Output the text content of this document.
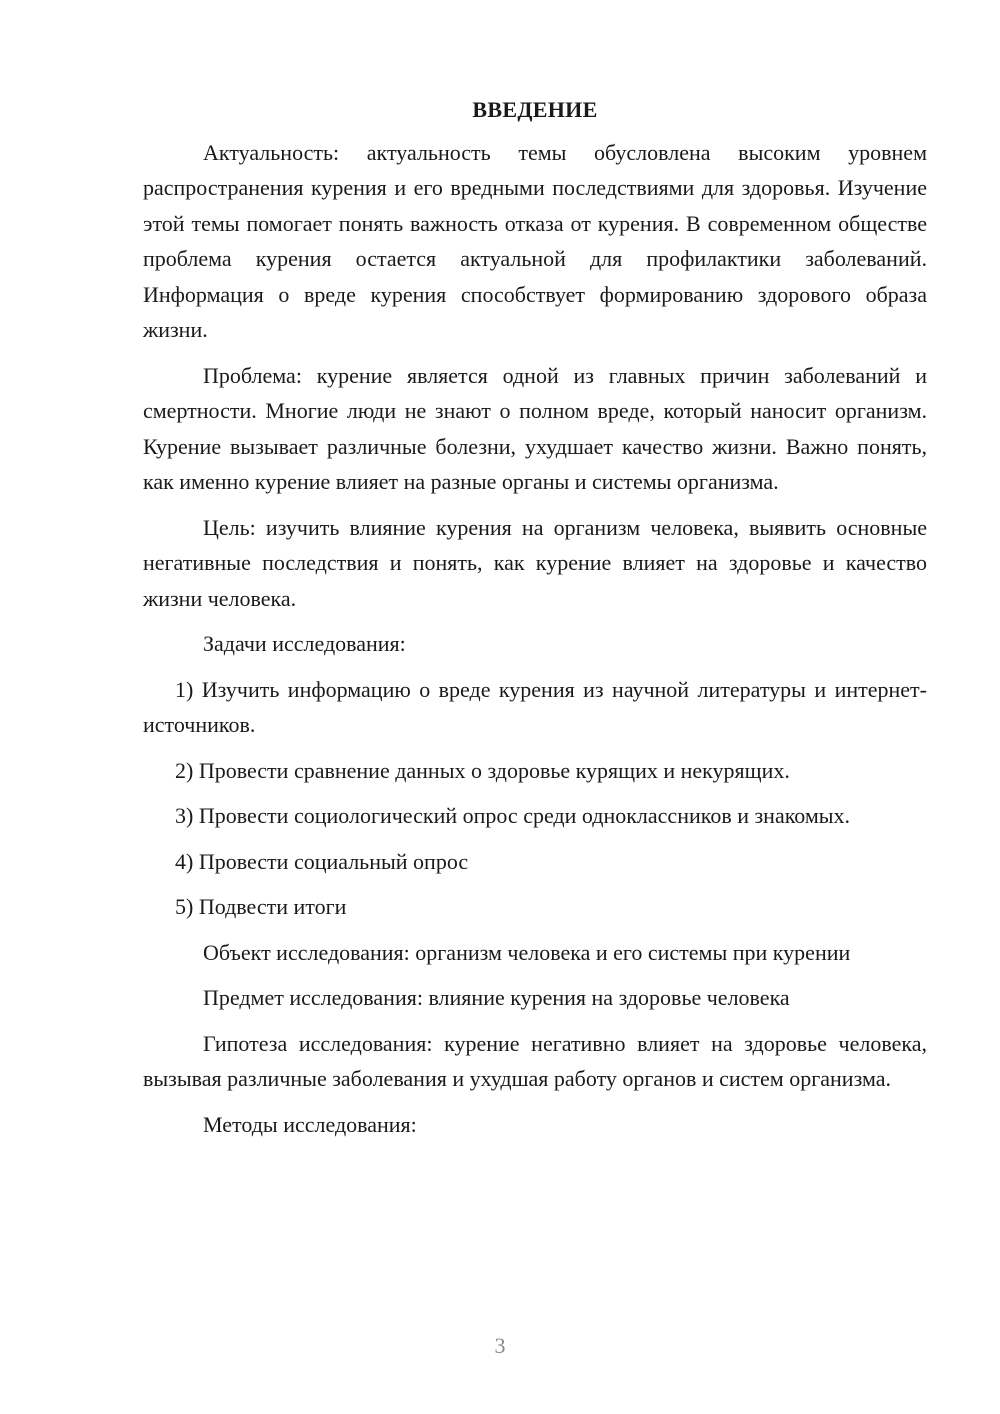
ВВЕДЕНИЕ
Актуальность: актуальность темы обусловлена высоким уровнем распространения курения и его вредными последствиями для здоровья. Изучение этой темы помогает понять важность отказа от курения. В современном обществе проблема курения остается актуальной для профилактики заболеваний. Информация о вреде курения способствует формированию здорового образа жизни.
Проблема: курение является одной из главных причин заболеваний и смертности. Многие люди не знают о полном вреде, который наносит организм. Курение вызывает различные болезни, ухудшает качество жизни. Важно понять, как именно курение влияет на разные органы и системы организма.
Цель: изучить влияние курения на организм человека, выявить основные негативные последствия и понять, как курение влияет на здоровье и качество жизни человека.
Задачи исследования:
1) Изучить информацию о вреде курения из научной литературы и интернет-источников.
2) Провести сравнение данных о здоровье курящих и некурящих.
3) Провести социологический опрос среди одноклассников и знакомых.
4) Провести социальный опрос
5) Подвести итоги
Объект исследования: организм человека и его системы при курении
Предмет исследования: влияние курения на здоровье человека
Гипотеза исследования: курение негативно влияет на здоровье человека, вызывая различные заболевания и ухудшая работу органов и систем организма.
Методы исследования:
3
